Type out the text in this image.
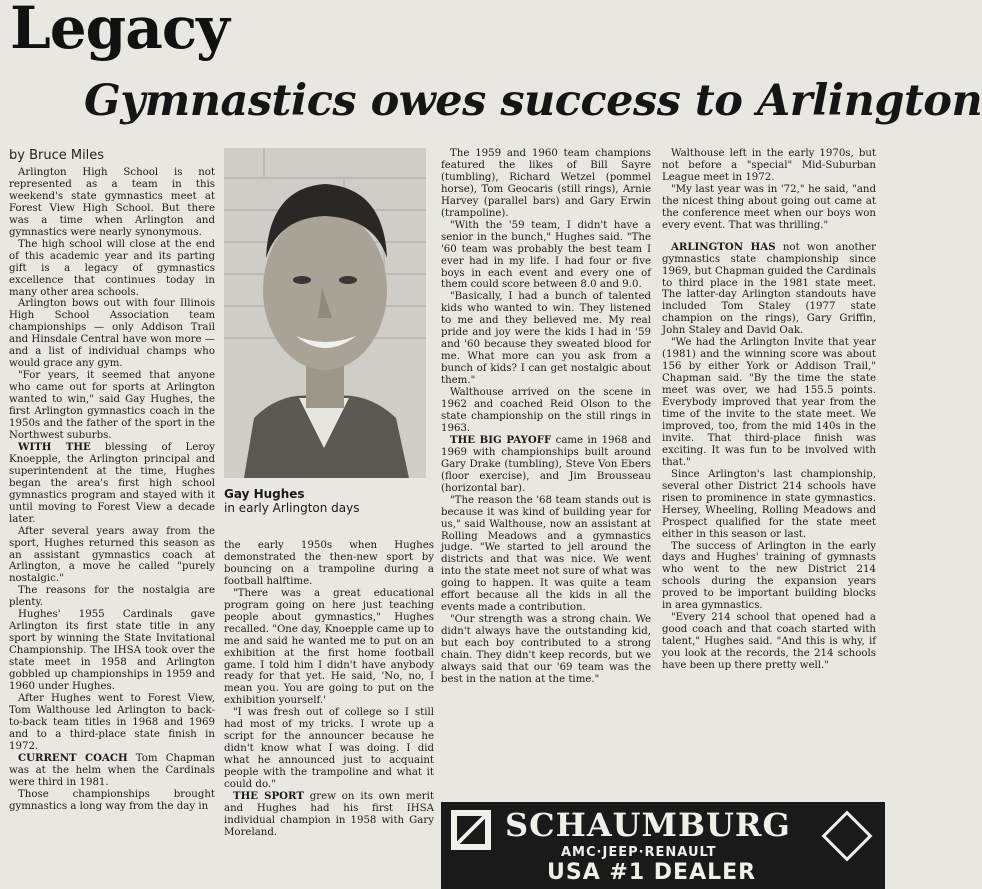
Legacy
Gymnastics owes success to Arlington
by Bruce Miles

Arlington High School is not represented as a team in this weekend's state gymnastics meet at Forest View High School. But there was a time when Arlington and gymnastics were nearly synonymous.

The high school will close at the end of this academic year and its parting gift is a legacy of gymnastics excellence that continues today in many other area schools.

Arlington bows out with four Illinois High School Association team championships — only Addison Trail and Hinsdale Central have won more — and a list of individual champs who would grace any gym.

"For years, it seemed that anyone who came out for sports at Arlington wanted to win," said Gay Hughes, the first Arlington gymnastics coach in the 1950s and the father of the sport in the Northwest suburbs.

WITH THE blessing of Leroy Knoepple, the Arlington principal and superintendent at the time, Hughes began the area's first high school gymnastics program and stayed with it until moving to Forest View a decade later.

After several years away from the sport, Hughes returned this season as an assistant gymnastics coach at Arlington, a move he called "purely nostalgic."

The reasons for the nostalgia are plenty.

Hughes' 1955 Cardinals gave Arlington its first state title in any sport by winning the State Invitational Championship. The IHSA took over the state meet in 1958 and Arlington gobbled up championships in 1959 and 1960 under Hughes.

After Hughes went to Forest View, Tom Walthouse led Arlington to back-to-back team titles in 1968 and 1969 and to a third-place state finish in 1972.

CURRENT COACH Tom Chapman was at the helm when the Cardinals were third in 1981.

Those championships brought gymnastics a long way from the day in

Gay Hughes
in early Arlington days

the early 1950s when Hughes demonstrated the then-new sport by bouncing on a trampoline during a football halftime.

"There was a great educational program going on here just teaching people about gymnastics," Hughes recalled. "One day, Knoepple came up to me and said he wanted me to put on an exhibition at the first home football game. I told him I didn't have anybody ready for that yet. He said, 'No, no, I mean you. You are going to put on the exhibition yourself.'

"I was fresh out of college so I still had most of my tricks. I wrote up a script for the announcer because he didn't know what I was doing. I did what he announced just to acquaint people with the trampoline and what it could do."

THE SPORT grew on its own merit and Hughes had his first IHSA individual champion in 1958 with Gary Moreland.

The 1959 and 1960 team champions featured the likes of Bill Sayre (tumbling), Richard Wetzel (pommel horse), Tom Geocaris (still rings), Arnie Harvey (parallel bars) and Gary Erwin (trampoline).

"With the '59 team, I didn't have a senior in the bunch," Hughes said. "The '60 team was probably the best team I ever had in my life. I had four or five boys in each event and every one of them could score between 8.0 and 9.0.

"Basically, I had a bunch of talented kids who wanted to win. They listened to me and they believed me. My real pride and joy were the kids I had in '59 and '60 because they sweated blood for me. What more can you ask from a bunch of kids? I can get nostalgic about them."

Walthouse arrived on the scene in 1962 and coached Reid Olson to the state championship on the still rings in 1963.

THE BIG PAYOFF came in 1968 and 1969 with championships built around Gary Drake (tumbling), Steve Von Ebers (floor exercise), and Jim Brousseau (horizontal bar).

"The reason the '68 team stands out is because it was kind of building year for us," said Walthouse, now an assistant at Rolling Meadows and a gymnastics judge. "We started to jell around the districts and that was nice. We went into the state meet not sure of what was going to happen. It was quite a team effort because all the kids in all the events made a contribution.

"Our strength was a strong chain. We didn't always have the outstanding kid, but each boy contributed to a strong chain. They didn't keep records, but we always said that our '69 team was the best in the nation at the time."

Walthouse left in the early 1970s, but not before a "special" Mid-Suburban League meet in 1972.

"My last year was in '72," he said, "and the nicest thing about going out came at the conference meet when our boys won every event. That was thrilling."

ARLINGTON HAS not won another gymnastics state championship since 1969, but Chapman guided the Cardinals to third place in the 1981 state meet. The latter-day Arlington standouts have included Tom Staley (1977 state champion on the rings), Gary Griffin, John Staley and David Oak.

"We had the Arlington Invite that year (1981) and the winning score was about 156 by either York or Addison Trail," Chapman said. "By the time the state meet was over, we had 155.5 points. Everybody improved that year from the time of the invite to the state meet. We improved, too, from the mid 140s in the invite. That third-place finish was exciting. It was fun to be involved with that."

Since Arlington's last championship, several other District 214 schools have risen to prominence in state gymnastics. Hersey, Wheeling, Rolling Meadows and Prospect qualified for the state meet either in this season or last.

The success of Arlington in the early days and Hughes' training of gymnasts who went to the new District 214 schools during the expansion years proved to be important building blocks in area gymnastics.

"Every 214 school that opened had a good coach and that coach started with talent," Hughes said. "And this is why, if you look at the records, the 214 schools have been up there pretty well."

SCHAUMBURG
AMC·JEEP·RENAULT
USA #1 DEALER
